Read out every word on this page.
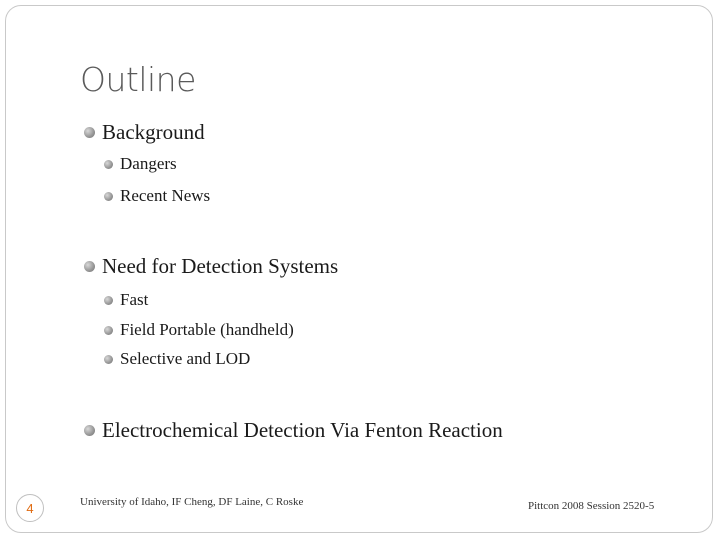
Outline
Background
Dangers
Recent News
Need for Detection Systems
Fast
Field Portable (handheld)
Selective and LOD
Electrochemical Detection Via Fenton Reaction
4	University of Idaho, IF Cheng, DF Laine, C Roske	Pittcon 2008 Session 2520-5
